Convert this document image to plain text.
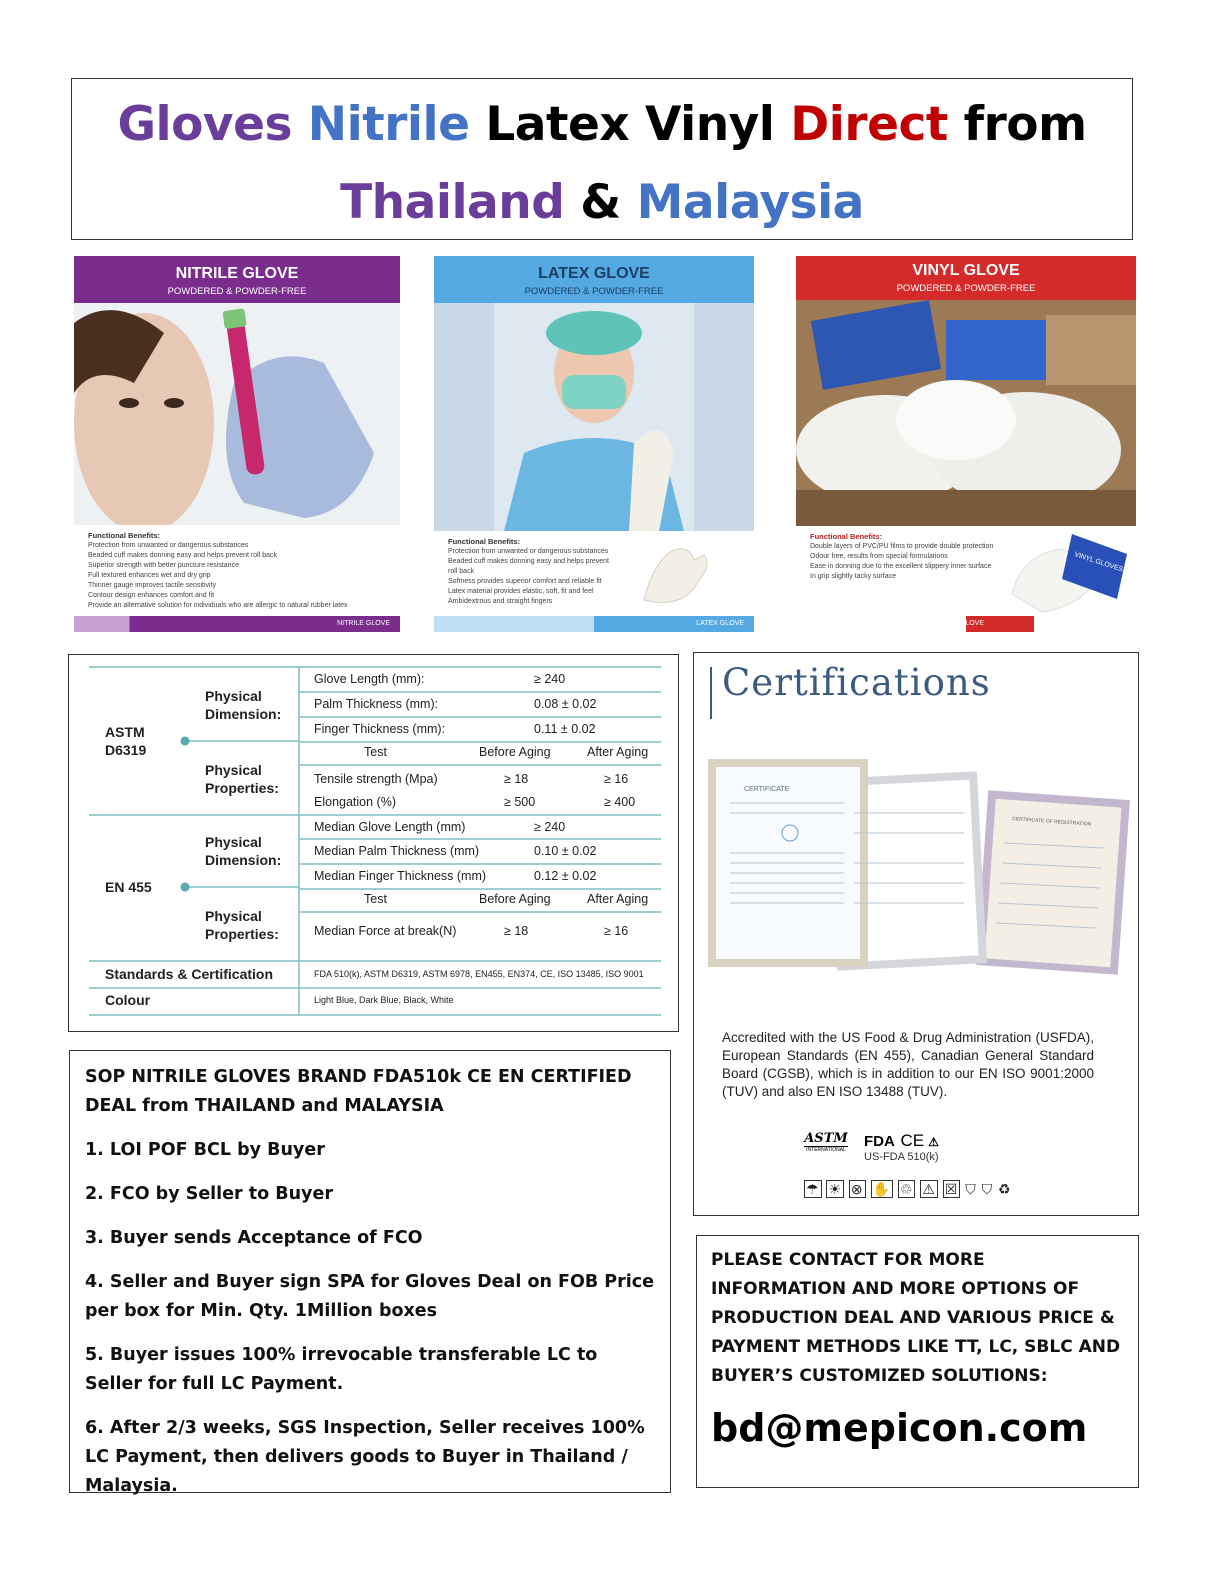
Gloves Nitrile Latex Vinyl Direct from
Thailand & Malaysia
NITRILE GLOVE
POWDERED & POWDER-FREE
Functional Benefits:
Protection from unwanted or dangerous substances
Beaded cuff makes donning easy and helps prevent roll back
Superior strength with better puncture resistance
Full textured enhances wet and dry grip
Thinner gauge improves tactile sensitivity
Contour design enhances comfort and fit
Provide an alternative solution for individuals who are allergic to natural rubber latex
NITRILE GLOVE
LATEX GLOVE
POWDERED & POWDER-FREE
Functional Benefits:
Protection from unwanted or dangerous substances
Beaded cuff makes donning easy and helps prevent roll back
Softness provides superior comfort and reliable fit
Latex material provides elastic, soft, fit and feel
Ambidextrous and straight fingers
LATEX GLOVE
VINYL GLOVE
POWDERED & POWDER-FREE
Functional Benefits:
Double layers of PVC/PU films to provide double protection
Odour free, results from special formulations
Ease in donning due to the excellent slippery inner surface
In grip slightly tacky surface
VINYL GLOVES
VINYL GLOVE
ASTM D6319
Physical Dimension:
Physical Properties:
Glove Length (mm):	≥ 240
Palm Thickness (mm):	0.08 ± 0.02
Finger Thickness (mm):	0.11 ± 0.02
Test	Before Aging	After Aging
Tensile strength (Mpa)	≥ 18	≥ 16
Elongation (%)	≥ 500	≥ 400
EN 455
Physical Dimension:
Physical Properties:
Median Glove Length (mm)	≥ 240
Median Palm Thickness (mm)	0.10 ± 0.02
Median Finger Thickness (mm)	0.12 ± 0.02
Test	Before Aging	After Aging
Median Force at break(N)	≥ 18	≥ 16
Standards & Certification	FDA 510(k), ASTM D6319, ASTM 6978, EN455, EN374, CE, ISO 13485, ISO 9001
Colour	Light Blue, Dark Blue, Black, White
Certifications
CERTIFICATE
CERTIFICATE OF REGISTRATION
Accredited with the US Food & Drug Administration (USFDA), European Standards (EN 455), Canadian General Standard Board (CGSB), which is in addition to our EN ISO 9001:2000 (TUV) and also EN ISO 13488 (TUV).
ASTM
INTERNATIONAL FDA CE ⚠
US-FDA 510(k)
☂ ☀ ⊗ ✋ ♲ ⚠ ☒ ⛉ ⛉ ♻

SOP NITRILE GLOVES BRAND FDA510k CE EN CERTIFIED DEAL from THAILAND and MALAYSIA

1. LOI POF BCL by Buyer

2. FCO by Seller to Buyer

3. Buyer sends Acceptance of FCO

4. Seller and Buyer sign SPA for Gloves Deal on FOB Price per box for Min. Qty. 1Million boxes

5. Buyer issues 100% irrevocable transferable LC to Seller for full LC Payment.

6. After 2/3 weeks, SGS Inspection, Seller receives 100% LC Payment, then delivers goods to Buyer in Thailand / Malaysia.

PLEASE CONTACT FOR MORE INFORMATION AND MORE OPTIONS OF PRODUCTION DEAL AND VARIOUS PRICE & PAYMENT METHODS LIKE TT, LC, SBLC AND BUYER’S CUSTOMIZED SOLUTIONS:
bd@mepicon.com
